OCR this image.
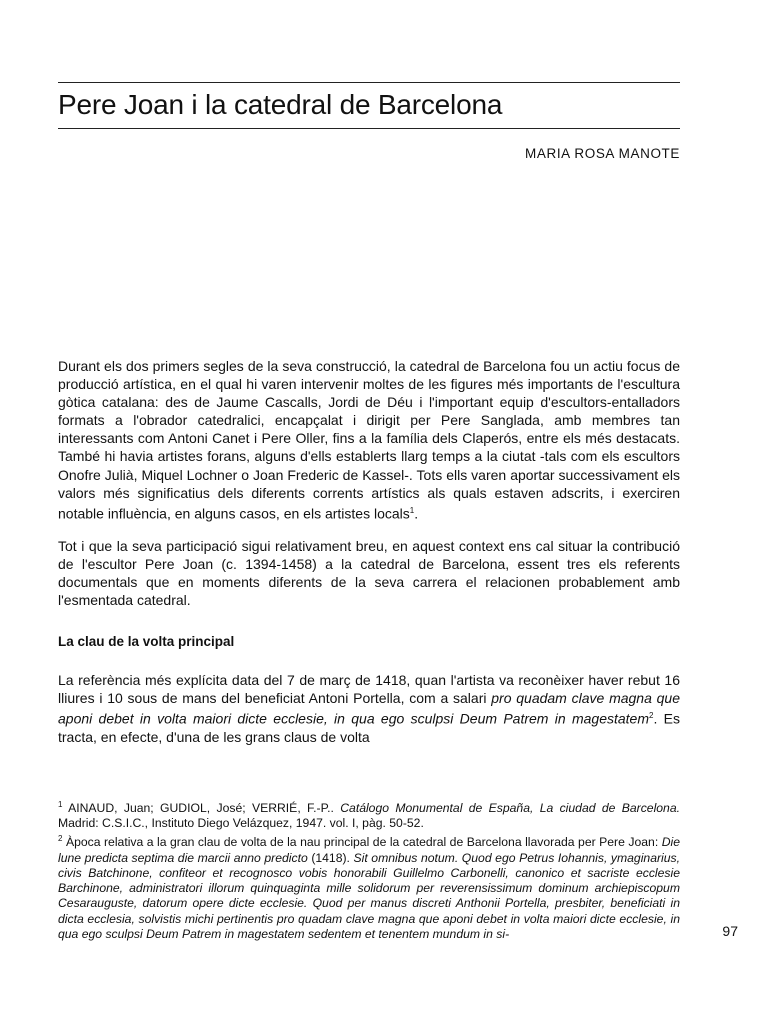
Pere Joan i la catedral de Barcelona
MARIA ROSA MANOTE

Durant els dos primers segles de la seva construcció, la catedral de Barcelona fou un actiu focus de producció artística, en el qual hi varen intervenir moltes de les figures més importants de l'escultura gòtica catalana: des de Jaume Cascalls, Jordi de Déu i l'important equip d'escultors-entalladors formats a l'obrador catedralici, encapçalat i dirigit per Pere Sanglada, amb membres tan interessants com Antoni Canet i Pere Oller, fins a la família dels Claperós, entre els més destacats. També hi havia artistes forans, alguns d'ells establerts llarg temps a la ciutat -tals com els escultors Onofre Julià, Miquel Lochner o Joan Frederic de Kassel-. Tots ells varen aportar successivament els valors més significatius dels diferents corrents artístics als quals estaven adscrits, i exerciren notable influència, en alguns casos, en els artistes locals$^1$.

Tot i que la seva participació sigui relativament breu, en aquest context ens cal situar la contribució de l'escultor Pere Joan (c. 1394-1458) a la catedral de Barcelona, essent tres els referents documentals que en moments diferents de la seva carrera el relacionen probablement amb l'esmentada catedral.

La clau de la volta principal

La referència més explícita data del 7 de març de 1418, quan l'artista va reconèixer haver rebut 16 lliures i 10 sous de mans del beneficiat Antoni Portella, com a salari pro quadam clave magna que aponi debet in volta maiori dicte ecclesie, in qua ego sculpsi Deum Patrem in magestatem$^2$. Es tracta, en efecte, d'una de les grans claus de volta

$^1$ AINAUD, Juan; GUDIOL, José; VERRIÉ, F.-P.. Catálogo Monumental de España, La ciudad de Barcelona. Madrid: C.S.I.C., Instituto Diego Velázquez, 1947. vol. I, pàg. 50-52.

$^2$ Àpoca relativa a la gran clau de volta de la nau principal de la catedral de Barcelona llavorada per Pere Joan: Die lune predicta septima die marcii anno predicto (1418). Sit omnibus notum. Quod ego Petrus Iohannis, ymaginarius, civis Batchinone, confiteor et recognosco vobis honorabili Guillelmo Carbonelli, canonico et sacriste ecclesie Barchinone, administratori illorum quinquaginta mille solidorum per reverensissimum dominum archiepiscopum Cesarauguste, datorum opere dicte ecclesie. Quod per manus discreti Anthonii Portella, presbiter, beneficiati in dicta ecclesia, solvistis michi pertinentis pro quadam clave magna que aponi debet in volta maiori dicte ecclesie, in qua ego sculpsi Deum Patrem in magestatem sedentem et tenentem mundum in si-	97
